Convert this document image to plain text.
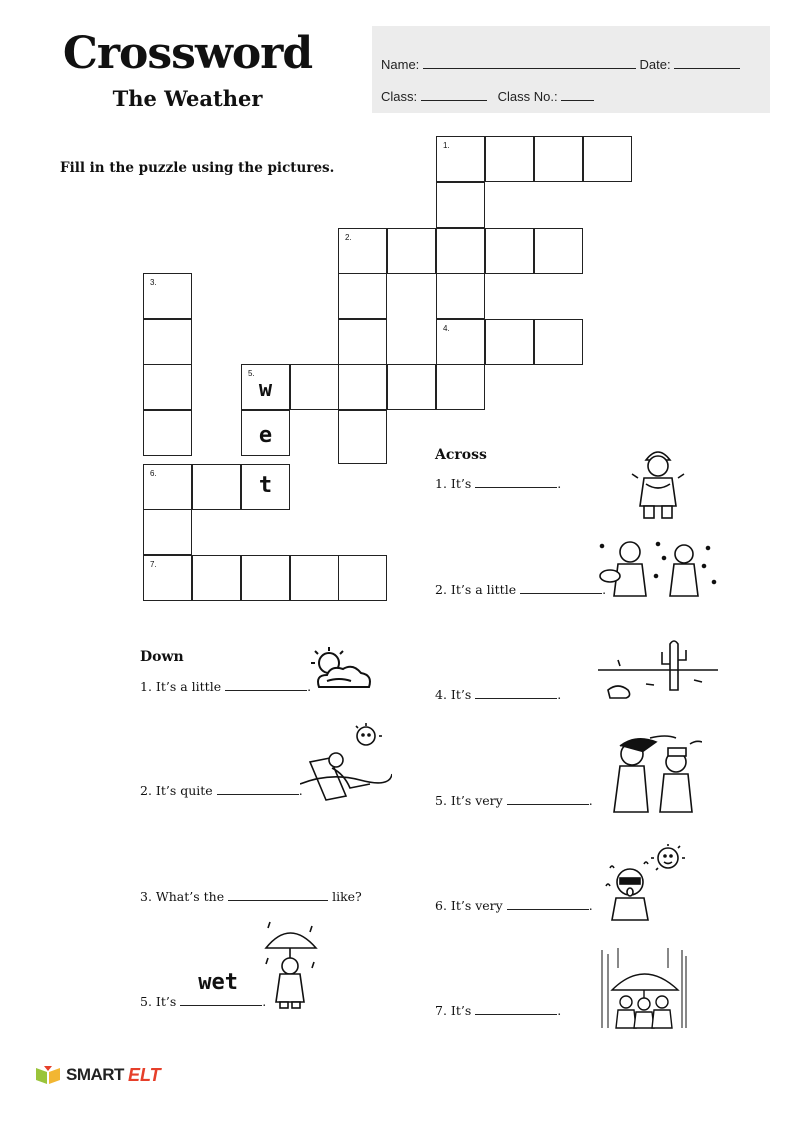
Crossword
The Weather
Name:	Date:
Class:	Class No.:
Fill in the puzzle using the pictures.
1.
2.
3.
4.
5.
w
e
6.	t
7.
Across
1. It’s	.
2. It’s a little	.
4. It’s	.
5. It’s very	.
6. It’s very	.
7. It’s	.
Down
1. It’s a little	.
2. It’s quite	.
3. What’s the	like?
5. It’s
wet
.
SMART ELT
